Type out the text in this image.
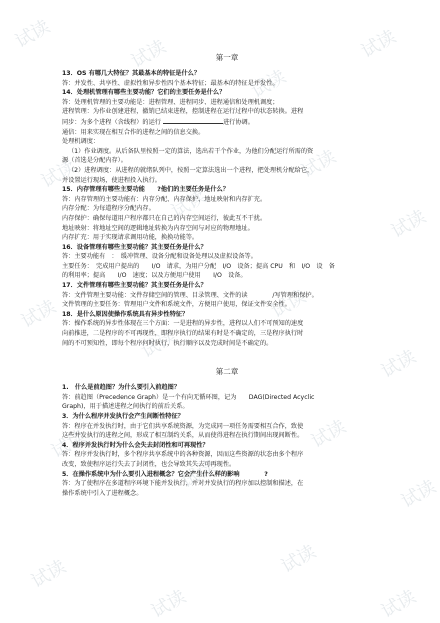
试读
试读
试读
试读
试读
试读
试读
试读
试读
试读
试读
试读
试读
试读
试读
试读
试读
试读
试读
试读
第一章

13．OS 有哪几大特征？其最基本的特征是什么？

答：并发性、共享性、虚拟性和异步性四个基本特征；最基本的特征是并发性。

14．处理机管理有哪些主要功能？它们的主要任务是什么？

答：处理机管理的主要功能是：进程管理、进程同步、进程通信和处理机调度；

进程管理：为作业创建进程，撤销已结束进程，控制进程在运行过程中的状态转换。进程

同步：为多个进程（含线程）的运行	进行协调。

通信：用来实现在相互合作的进程之间的信息交换。

处理机调度：

（1）作业调度。从后备队里按照一定的算法，选出若干个作业，为他们分配运行所需的资

源（首选是分配内存）。

（2）进程调度：从进程的就绪队列中，按照一定算法选出一个进程，把处理机分配给它，

并设置运行现场，使进程投入执行。

15．内存管理有哪些主要功能　　?他们的主要任务是什么？

答：内存管理的主要功能有：内存分配、内存保护、地址映射和内存扩充。

内存分配：为每道程序分配内存。

内存保护：确保每道用户程序都只在自己的内存空间运行，彼此互不干扰。

地址映射：将地址空间的逻辑地址转换为内存空间与对应的物理地址。

内存扩充：用于实现请求调用功能，换换功能等。

16．设备管理有哪些主要功能？其主要任务是什么？

答：主要功能有　：　缓冲管理、设备分配和设备处理以及虚拟设备等。

主要任务：　完成用户提出的　　I/O　请求，为用户分配　I/O　设备；提高 CPU　和　I/O　设　备

的利用率；提高　　I/O　速度；以及方便用户使用　　I/O　设备。

17．文件管理有哪些主要功能？其主要任务是什么？

答：文件管理主要功能：文件存储空间的管理、目录管理、文件的读　　　　/写管理和保护。

文件管理的主要任务：管理用户文件和系统文件，方便用户使用，保证文件安全性。

18．是什么原因使操作系统具有异步性特征？

答：操作系统的异步性体现在三个方面：一是进程的异步性，进程以人们不可预知的速度

向前推进，二是程序的不可再现性，即程序执行的结果有时是不确定的，三是程序执行时

间的不可预知性，即每个程序何时执行，执行顺序以及完成时间是不确定的。

第二章

1.　什么是前趋图？为什么要引入前趋图？

答：前趋图（Precedence Graph）是一个有向无循环图，记为　　DAG(Directed Acyclic

Graph)，用于描述进程之间执行的前后关系。

3．为什么程序并发执行会产生间断性特征？

答：程序在并发执行时，由于它们共享系统资源，为完成同一项任务需要相互合作，致使

这些并发执行的进程之间，形成了相互制约关系，从而使得进程在执行期间出现间断性。

4．程序并发执行时为什么会失去封闭性和可再现性？

答：程序并发执行时，多个程序共享系统中的各种资源，因而这些资源的状态由多个程序

改变，致使程序运行失去了封闭性，也会导致其失去可再现性。

5．在操作系统中为什么要引入进程概念？它会产生什么样的影响　　　　?

答：为了使程序在多道程序环境下能并发执行，并对并发执行的程序加以控制和描述，在

操作系统中引入了进程概念。
